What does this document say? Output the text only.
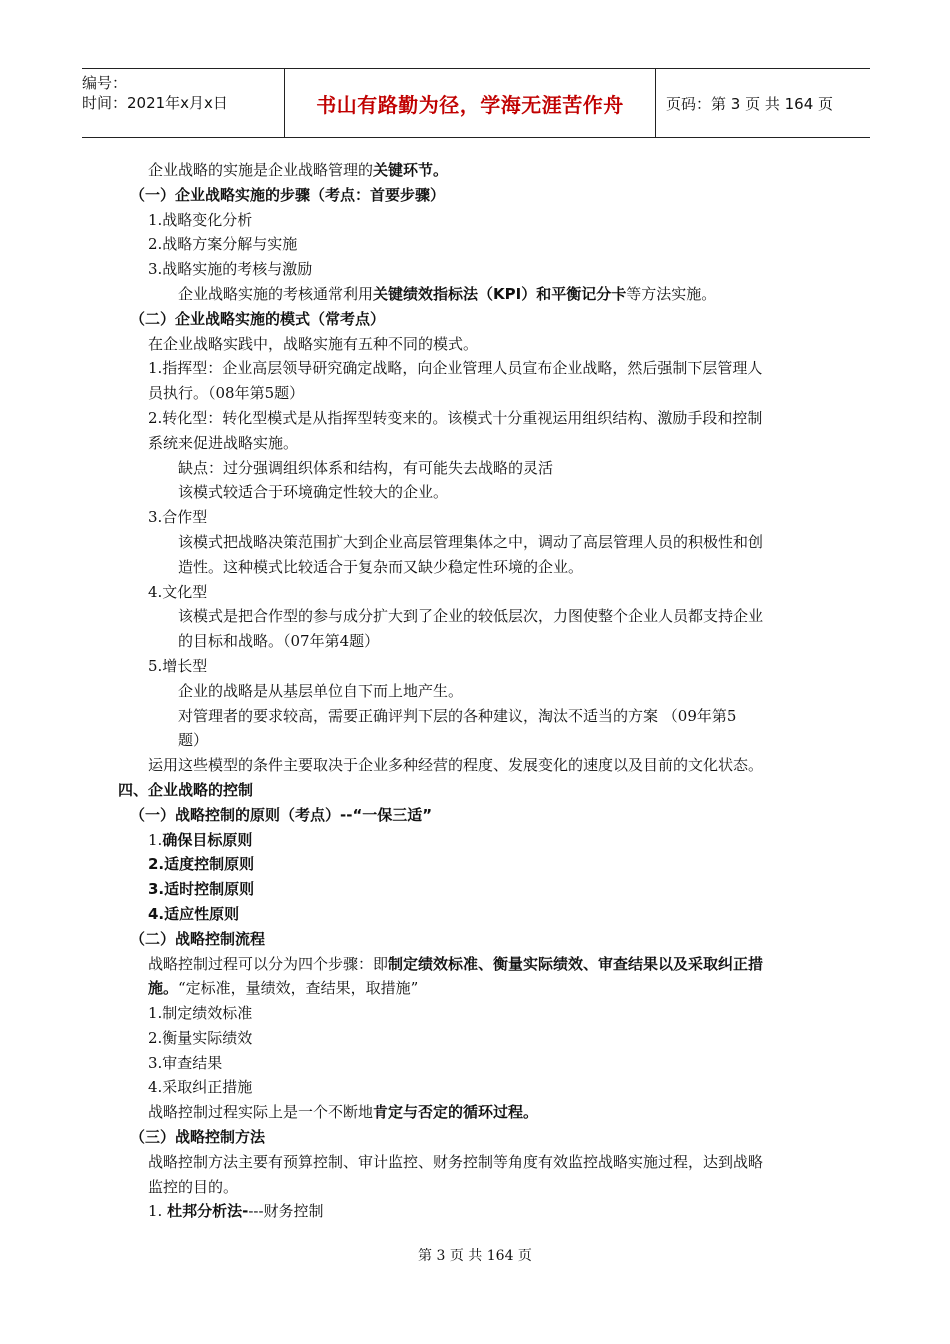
编号：
时间：2021年x月x日	书山有路勤为径，学海无涯苦作舟	页码：第 3 页 共 164 页
企业战略的实施是企业战略管理的关键环节。
（一）企业战略实施的步骤（考点：首要步骤）
1.战略变化分析
2.战略方案分解与实施
3.战略实施的考核与激励
企业战略实施的考核通常利用关键绩效指标法（KPI）和平衡记分卡等方法实施。
（二）企业战略实施的模式（常考点）
在企业战略实践中，战略实施有五种不同的模式。
1.指挥型：企业高层领导研究确定战略，向企业管理人员宣布企业战略，然后强制下层管理人
员执行。（08年第5题）
2.转化型：转化型模式是从指挥型转变来的。该模式十分重视运用组织结构、激励手段和控制
系统来促进战略实施。
缺点：过分强调组织体系和结构，有可能失去战略的灵活
该模式较适合于环境确定性较大的企业。
3.合作型
该模式把战略决策范围扩大到企业高层管理集体之中，调动了高层管理人员的积极性和创
造性。这种模式比较适合于复杂而又缺少稳定性环境的企业。
4.文化型
该模式是把合作型的参与成分扩大到了企业的较低层次，力图使整个企业人员都支持企业
的目标和战略。（07年第4题）
5.增长型
企业的战略是从基层单位自下而上地产生。
对管理者的要求较高，需要正确评判下层的各种建议，淘汰不适当的方案 （09年第5
题）
运用这些模型的条件主要取决于企业多种经营的程度、发展变化的速度以及目前的文化状态。
四、企业战略的控制
（一）战略控制的原则（考点）--“一保三适”
1.确保目标原则
2.适度控制原则
3.适时控制原则
4.适应性原则
（二）战略控制流程
战略控制过程可以分为四个步骤：即制定绩效标准、衡量实际绩效、审查结果以及采取纠正措
施。“定标准，量绩效，查结果，取措施”
1.制定绩效标准
2.衡量实际绩效
3.审查结果
4.采取纠正措施
战略控制过程实际上是一个不断地肯定与否定的循环过程。
（三）战略控制方法
战略控制方法主要有预算控制、审计监控、财务控制等角度有效监控战略实施过程，达到战略
监控的目的。
1. 杜邦分析法----财务控制
第 3 页 共 164 页
